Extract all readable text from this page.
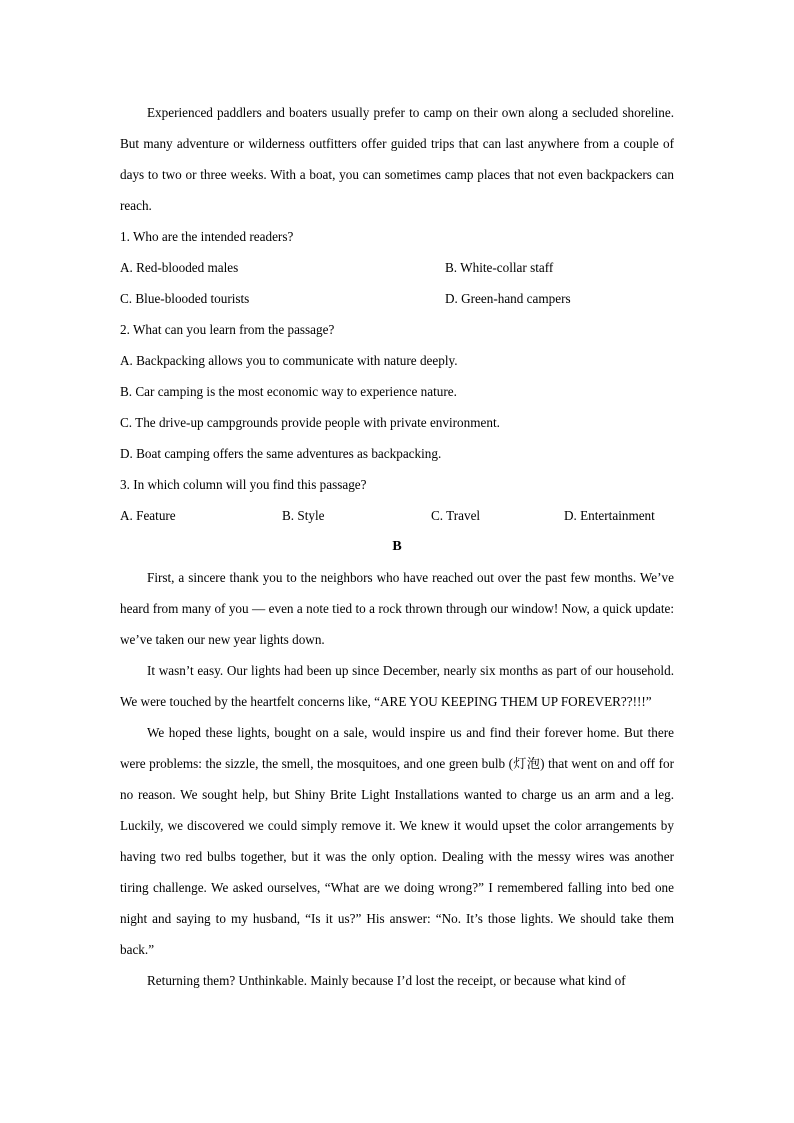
Experienced paddlers and boaters usually prefer to camp on their own along a secluded shoreline. But many adventure or wilderness outfitters offer guided trips that can last anywhere from a couple of days to two or three weeks. With a boat, you can sometimes camp places that not even backpackers can reach.

1. Who are the intended readers?

A. Red-blooded males	B. White-collar staff
C. Blue-blooded tourists	D. Green-hand campers

2. What can you learn from the passage?

A. Backpacking allows you to communicate with nature deeply.

B. Car camping is the most economic way to experience nature.

C. The drive-up campgrounds provide people with private environment.

D. Boat camping offers the same adventures as backpacking.

3. In which column will you find this passage?

A. Feature	B. Style	C. Travel	D. Entertainment

B

First, a sincere thank you to the neighbors who have reached out over the past few months. We’ve heard from many of you — even a note tied to a rock thrown through our window! Now, a quick update: we’ve taken our new year lights down.

It wasn’t easy. Our lights had been up since December, nearly six months as part of our household. We were touched by the heartfelt concerns like, “ARE YOU KEEPING THEM UP FOREVER??!!!”

We hoped these lights, bought on a sale, would inspire us and find their forever home. But there were problems: the sizzle, the smell, the mosquitoes, and one green bulb (灯泡) that went on and off for no reason. We sought help, but Shiny Brite Light Installations wanted to charge us an arm and a leg. Luckily, we discovered we could simply remove it. We knew it would upset the color arrangements by having two red bulbs together, but it was the only option. Dealing with the messy wires was another tiring challenge. We asked ourselves, “What are we doing wrong?” I remembered falling into bed one night and saying to my husband, “Is it us?” His answer: “No. It’s those lights. We should take them back.”

Returning them? Unthinkable. Mainly because I’d lost the receipt, or because what kind of
